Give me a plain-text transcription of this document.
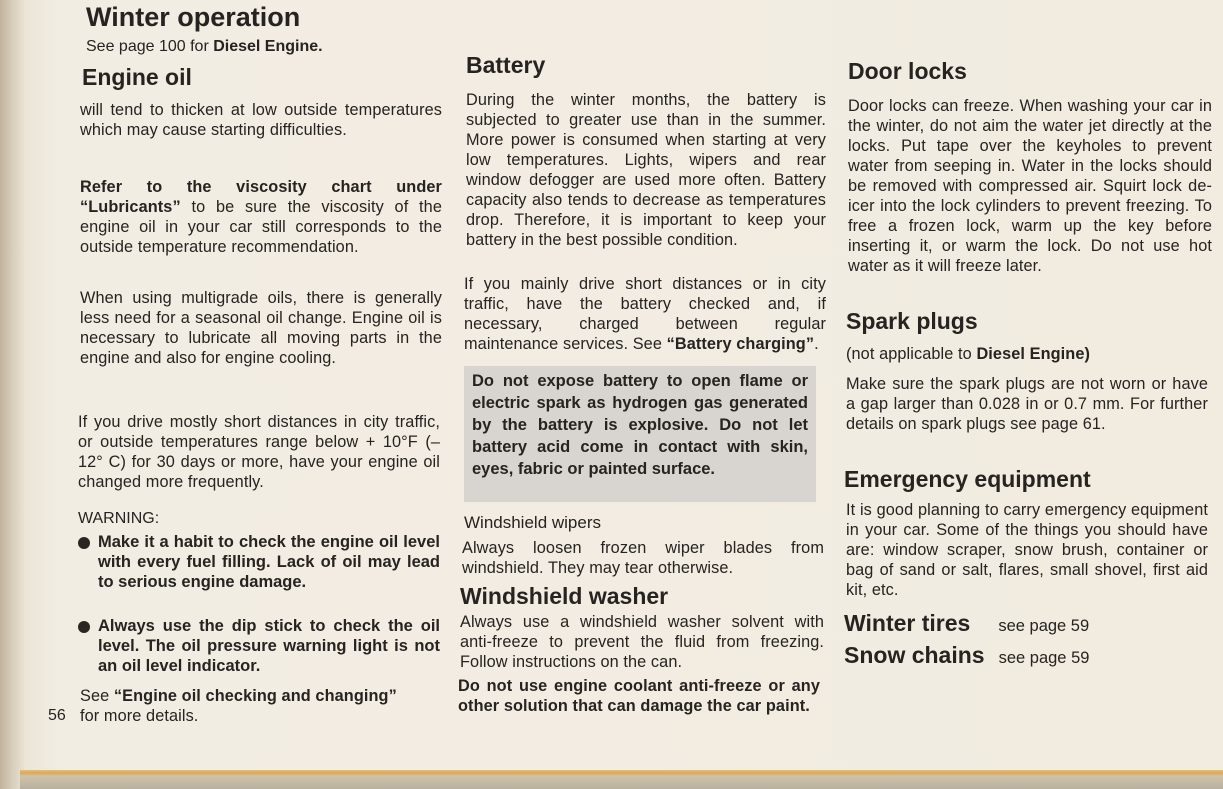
Winter operation

See page 100 for Diesel Engine.

Engine oil

will tend to thicken at low outside temperatures which may cause starting difficulties.

Refer to the viscosity chart under “Lubricants” to be sure the viscosity of the engine oil in your car still corresponds to the outside temperature recommendation.

When using multigrade oils, there is generally less need for a seasonal oil change. Engine oil is necessary to lubricate all moving parts in the engine and also for engine cooling.

If you drive mostly short distances in city traffic, or outside temperatures range below + 10°F (– 12° C) for 30 days or more, have your engine oil changed more frequently.

WARNING:

Make it a habit to check the engine oil level with every fuel filling. Lack of oil may lead to serious engine damage.
Always use the dip stick to check the oil level. The oil pressure warning light is not an oil level indicator.

See “Engine oil checking and changing”
for more details.

56
Battery

During the winter months, the battery is subjected to greater use than in the summer. More power is consumed when starting at very low temperatures. Lights, wipers and rear window defogger are used more often. Battery capacity also tends to decrease as temperatures drop. Therefore, it is important to keep your battery in the best possible condition.

If you mainly drive short distances or in city traffic, have the battery checked and, if necessary, charged between regular maintenance services. See “Battery charging”.

Do not expose battery to open flame or electric spark as hydrogen gas generated by the battery is explosive. Do not let battery acid come in contact with skin, eyes, fabric or painted surface.

Windshield wipers

Always loosen frozen wiper blades from windshield. They may tear otherwise.

Windshield washer

Always use a windshield washer solvent with anti-freeze to prevent the fluid from freezing. Follow instructions on the can.

Do not use engine coolant anti-freeze or any other solution that can damage the car paint.

Door locks

Door locks can freeze. When washing your car in the winter, do not aim the water jet directly at the locks. Put tape over the keyholes to prevent water from seeping in. Water in the locks should be removed with compressed air. Squirt lock de-icer into the lock cylinders to prevent freezing. To free a frozen lock, warm up the key before inserting it, or warm the lock. Do not use hot water as it will freeze later.

Spark plugs

(not applicable to Diesel Engine)

Make sure the spark plugs are not worn or have a gap larger than 0.028 in or 0.7 mm. For further details on spark plugs see page 61.

Emergency equipment

It is good planning to carry emergency equipment in your car. Some of the things you should have are: window scraper, snow brush, container or bag of sand or salt, flares, small shovel, first aid kit, etc.

Winter tires see page 59
Snow chains see page 59
